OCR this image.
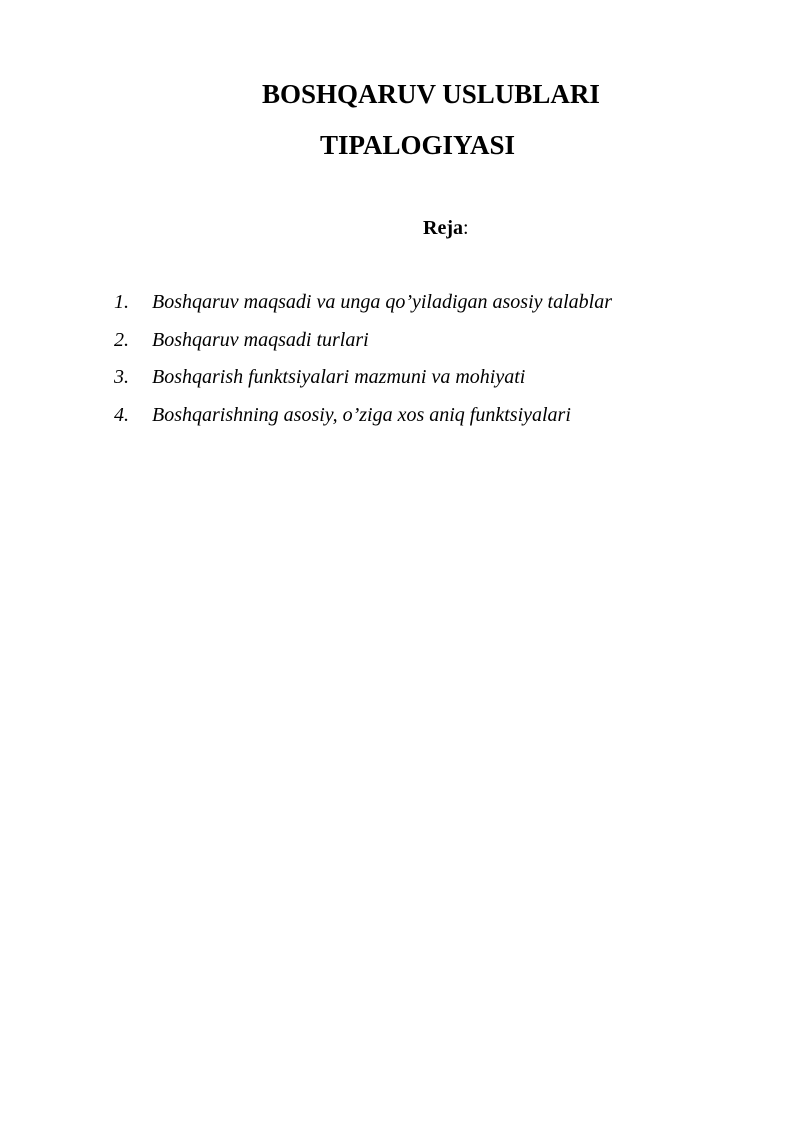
BOSHQARUV USLUBLARI
TIPALOGIYASI
Reja:
1. Boshqaruv maqsadi va unga qo’yiladigan asosiy talablar
2. Boshqaruv maqsadi turlari
3. Boshqarish funktsiyalari mazmuni va mohiyati
4. Boshqarishning asosiy, o’ziga xos aniq funktsiyalari
